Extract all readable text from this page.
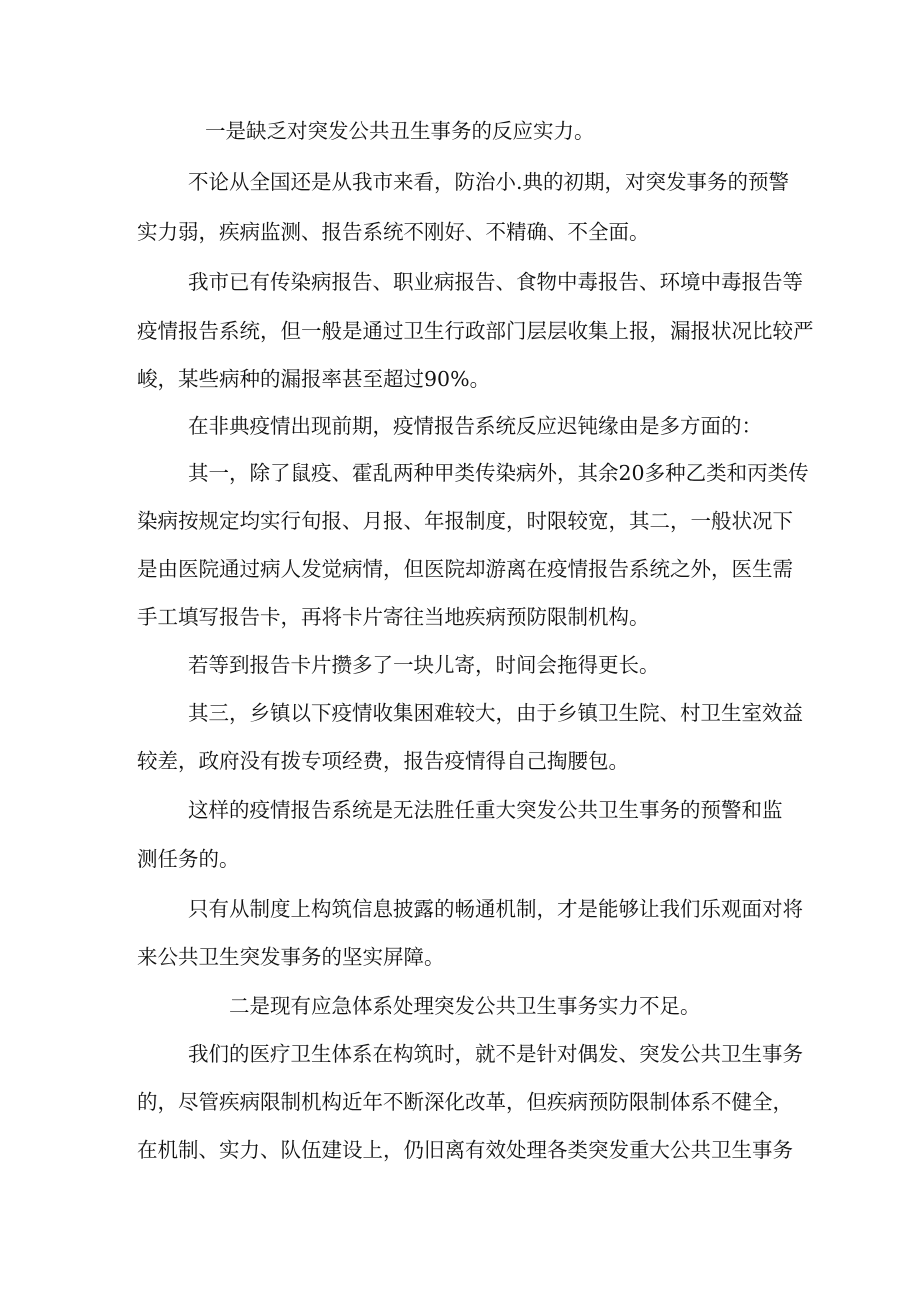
一是缺乏对突发公共丑生事务的反应实力。

不论从全国还是从我市来看，防治小.典的初期，对突发事务的预警

实力弱，疾病监测、报告系统不刚好、不精确、不全面。

我市已有传染病报告、职业病报告、食物中毒报告、环境中毒报告等

疫情报告系统，但一般是通过卫生行政部门层层收集上报，漏报状况比较严

峻，某些病种的漏报率甚至超过90%。

在非典疫情出现前期，疫情报告系统反应迟钝缘由是多方面的：

其一，除了鼠疫、霍乱两种甲类传染病外，其余20多种乙类和丙类传

染病按规定均实行旬报、月报、年报制度，时限较宽，其二，一般状况下

是由医院通过病人发觉病情，但医院却游离在疫情报告系统之外，医生需

手工填写报告卡，再将卡片寄往当地疾病预防限制机构。

若等到报告卡片攒多了一块儿寄，时间会拖得更长。

其三，乡镇以下疫情收集困难较大，由于乡镇卫生院、村卫生室效益

较差，政府没有拨专项经费，报告疫情得自己掏腰包。

这样的疫情报告系统是无法胜任重大突发公共卫生事务的预警和监

测任务的。

只有从制度上构筑信息披露的畅通机制，才是能够让我们乐观面对将

来公共卫生突发事务的坚实屏障。

二是现有应急体系处理突发公共卫生事务实力不足。

我们的医疗卫生体系在构筑时，就不是针对偶发、突发公共卫生事务

的，尽管疾病限制机构近年不断深化改革，但疾病预防限制体系不健全，

在机制、实力、队伍建设上，仍旧离有效处理各类突发重大公共卫生事务
